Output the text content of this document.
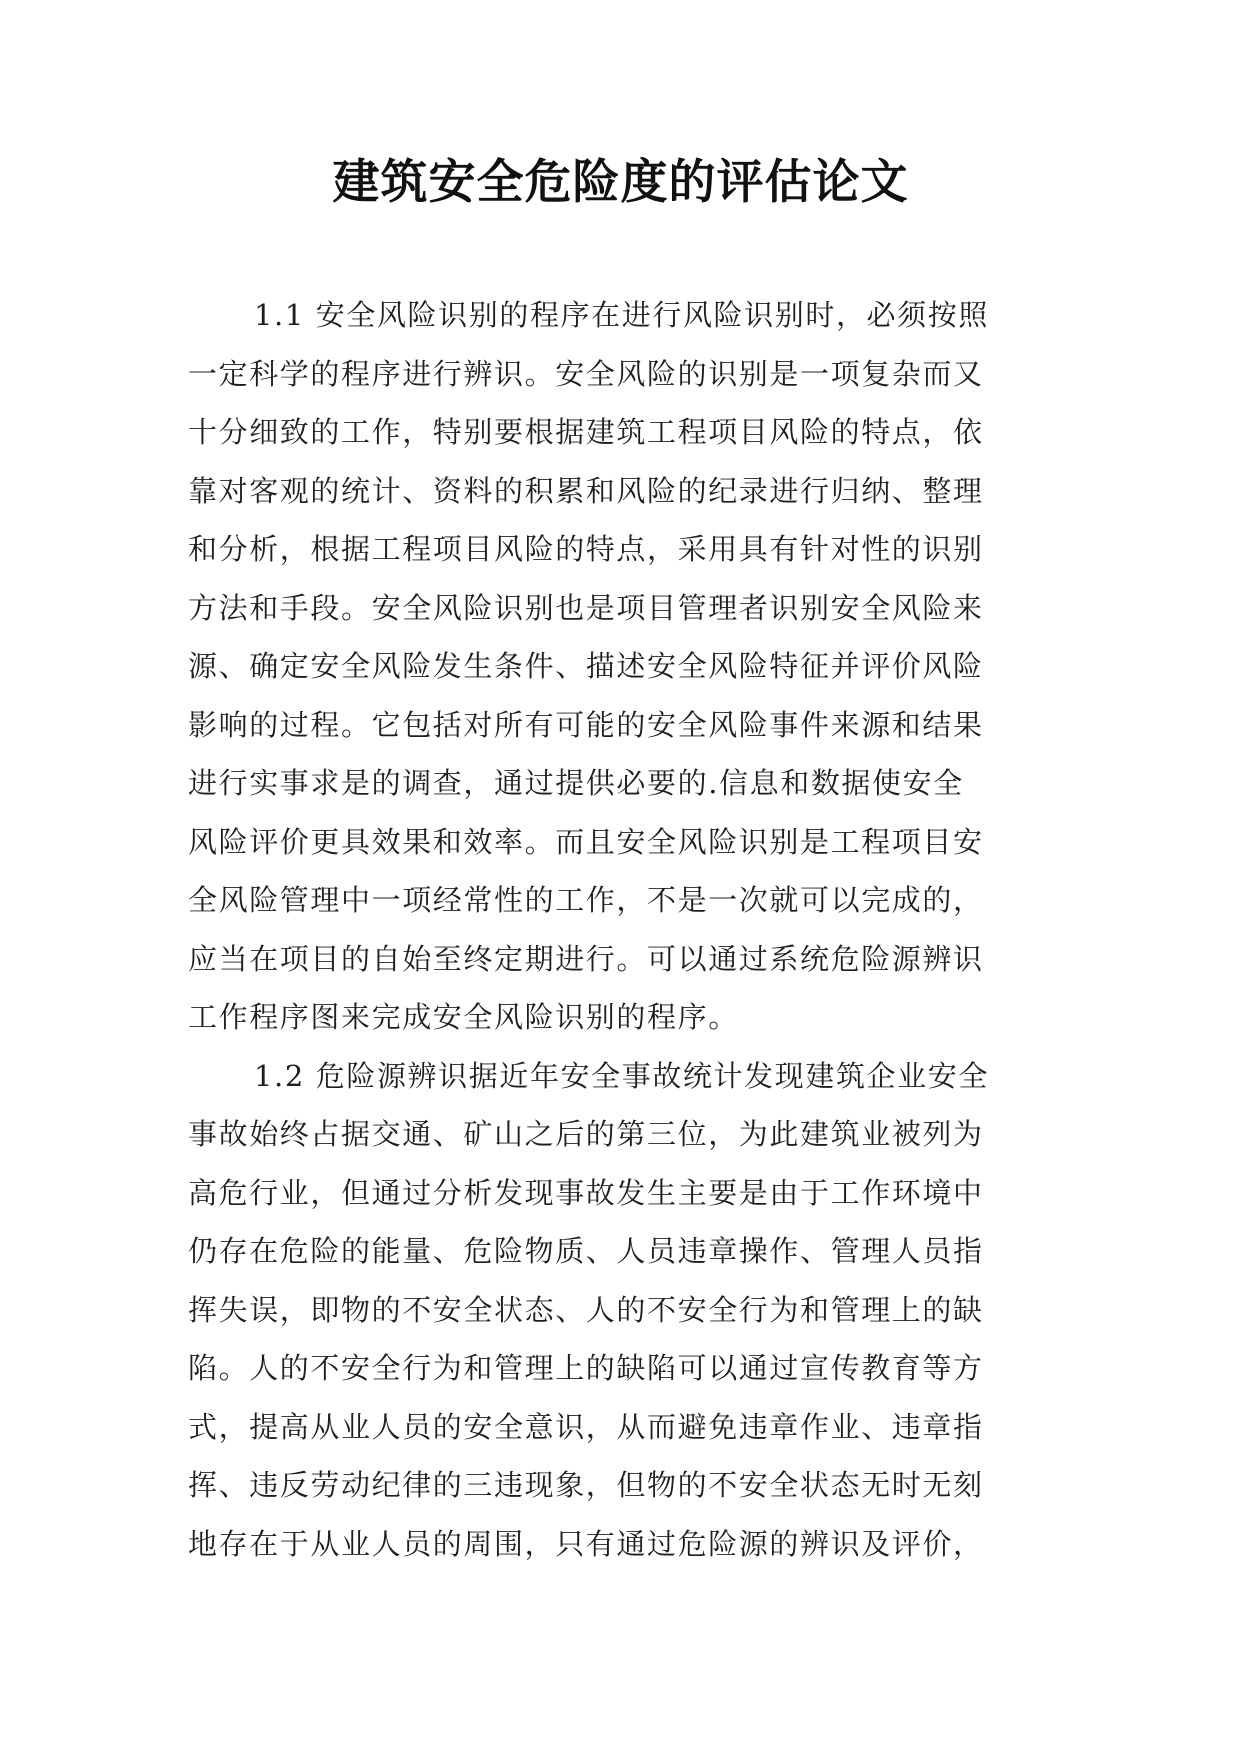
建筑安全危险度的评估论文
1.1 安全风险识别的程序在进行风险识别时，必须按照
一定科学的程序进行辨识。安全风险的识别是一项复杂而又
十分细致的工作，特别要根据建筑工程项目风险的特点，依
靠对客观的统计、资料的积累和风险的纪录进行归纳、整理
和分析，根据工程项目风险的特点，采用具有针对性的识别
方法和手段。安全风险识别也是项目管理者识别安全风险来
源、确定安全风险发生条件、描述安全风险特征并评价风险
影响的过程。它包括对所有可能的安全风险事件来源和结果
进行实事求是的调查，通过提供必要的.信息和数据使安全
风险评价更具效果和效率。而且安全风险识别是工程项目安
全风险管理中一项经常性的工作，不是一次就可以完成的，
应当在项目的自始至终定期进行。可以通过系统危险源辨识
工作程序图来完成安全风险识别的程序。
1.2 危险源辨识据近年安全事故统计发现建筑企业安全
事故始终占据交通、矿山之后的第三位，为此建筑业被列为
高危行业，但通过分析发现事故发生主要是由于工作环境中
仍存在危险的能量、危险物质、人员违章操作、管理人员指
挥失误，即物的不安全状态、人的不安全行为和管理上的缺
陷。人的不安全行为和管理上的缺陷可以通过宣传教育等方
式，提高从业人员的安全意识，从而避免违章作业、违章指
挥、违反劳动纪律的三违现象，但物的不安全状态无时无刻
地存在于从业人员的周围，只有通过危险源的辨识及评价，
